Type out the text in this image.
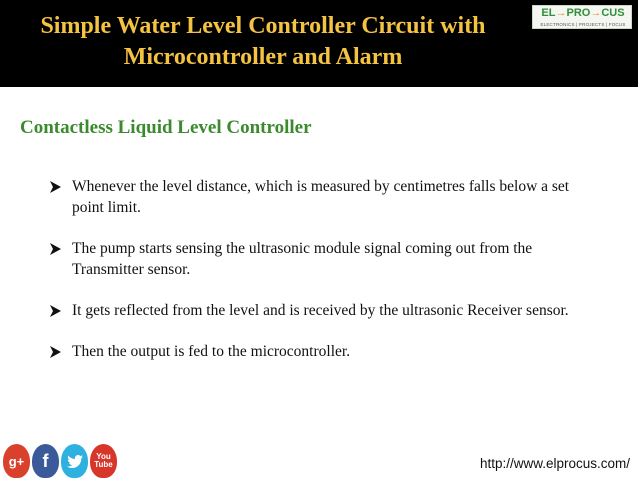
Simple Water Level Controller Circuit with
Microcontroller and Alarm
EL→PRO→CUS
ELECTRONICS | PROJECTS | FOCUS
Contactless Liquid Level Controller
Whenever the level distance, which is measured by centimetres falls below a set point limit.
The pump starts sensing the ultrasonic module signal coming out from the Transmitter sensor.
It gets reflected from the level and is received by the ultrasonic Receiver sensor.
Then the output is fed to the microcontroller.
g+	f	You
Tube	http://www.elprocus.com/
